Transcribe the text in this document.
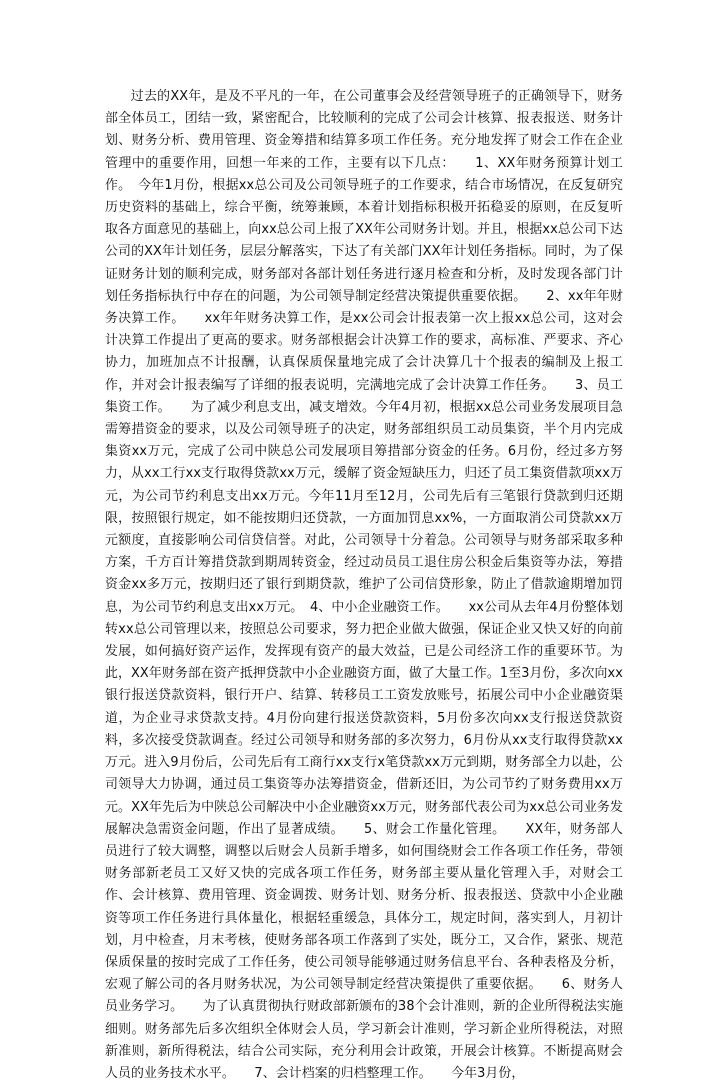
过去的XX年，是及不平凡的一年，在公司董事会及经营领导班子的正确领导下，财务部全体员工，团结一致，紧密配合，比较顺利的完成了公司会计核算、报表报送、财务计划、财务分析、费用管理、资金筹措和结算多项工作任务。充分地发挥了财会工作在企业管理中的重要作用，回想一年来的工作，主要有以下几点：　　1、XX年财务预算计划工作。　今年1月份，根据xx总公司及公司领导班子的工作要求，结合市场情况，在反复研究历史资料的基础上，综合平衡，统筹兼顾，本着计划指标积极开拓稳妥的原则，在反复听取各方面意见的基础上，向xx总公司上报了XX年公司财务计划。并且，根据xx总公司下达公司的XX年计划任务，层层分解落实，下达了有关部门XX年计划任务指标。同时，为了保证财务计划的顺利完成，财务部对各部计划任务进行逐月检查和分析，及时发现各部门计划任务指标执行中存在的问题，为公司领导制定经营决策提供重要依据。　　2、xx年年财务决算工作。　　xx年年财务决算工作，是xx公司会计报表第一次上报xx总公司，这对会计决算工作提出了更高的要求。财务部根据会计决算工作的要求，高标准、严要求、齐心协力，加班加点不计报酬，认真保质保量地完成了会计决算几十个报表的编制及上报工作，并对会计报表编写了详细的报表说明，完满地完成了会计决算工作任务。　　3、员工集资工作。　　为了减少利息支出，减支增效。今年4月初，根据xx总公司业务发展项目急需筹措资金的要求，以及公司领导班子的决定，财务部组织员工动员集资，半个月内完成集资xx万元，完成了公司中陕总公司发展项目筹措部分资金的任务。6月份，经过多方努力，从xx工行xx支行取得贷款xx万元，缓解了资金短缺压力，归还了员工集资借款项xx万元，为公司节约利息支出xx万元。今年11月至12月，公司先后有三笔银行贷款到归还期限，按照银行规定，如不能按期归还贷款，一方面加罚息xx%，一方面取消公司贷款xx万元额度，直接影响公司信贷信誉。对此，公司领导十分着急。公司领导与财务部采取多种方案，千方百计筹措贷款到期周转资金，经过动员员工退住房公积金后集资等办法，筹措资金xx多万元，按期归还了银行到期贷款，维护了公司信贷形象，防止了借款逾期增加罚息，为公司节约利息支出xx万元。　4、中小企业融资工作。　　xx公司从去年4月份整体划转xx总公司管理以来，按照总公司要求，努力把企业做大做强，保证企业又快又好的向前发展，如何搞好资产运作，发挥现有资产的最大效益，已是公司经济工作的重要环节。为此，XX年财务部在资产抵押贷款中小企业融资方面，做了大量工作。1至3月份，多次向xx银行报送贷款资料，银行开户、结算、转移员工工资发放账号，拓展公司中小企业融资渠道，为企业寻求贷款支持。4月份向建行报送贷款资料，5月份多次向xx支行报送贷款资料，多次接受贷款调查。经过公司领导和财务部的多次努力，6月份从xx支行取得贷款xx万元。进入9月份后，公司先后有工商行xx支行x笔贷款xx万元到期，财务部全力以赴，公司领导大力协调，通过员工集资等办法筹措资金，借新还旧，为公司节约了财务费用xx万元。XX年先后为中陕总公司解决中小企业融资xx万元，财务部代表公司为xx总公司业务发展解决急需资金问题，作出了显著成绩。　　5、财会工作量化管理。　　XX年，财务部人员进行了较大调整，调整以后财会人员新手增多，如何围绕财会工作各项工作任务，带领财务部新老员工又好又快的完成各项工作任务，财务部主要从量化管理入手，对财会工作、会计核算、费用管理、资金调拨、财务计划、财务分析、报表报送、贷款中小企业融资等项工作任务进行具体量化，根据轻重缓急，具体分工，规定时间，落实到人，月初计划，月中检查，月末考核，使财务部各项工作落到了实处，既分工，又合作，紧张、规范保质保量的按时完成了工作任务，使公司领导能够通过财务信息平台、各种表格及分析，宏观了解公司的各月财务状况，为公司领导制定经营决策提供了重要依据。　　6、财务人员业务学习。　　为了认真贯彻执行财政部新颁布的38个会计准则，新的企业所得税法实施细则。财务部先后多次组织全体财会人员，学习新会计准则，学习新企业所得税法，对照新准则，新所得税法，结合公司实际，充分利用会计政策，开展会计核算。不断提高财会人员的业务技术水平。　　7、会计档案的归档整理工作。　　今年3月份，
